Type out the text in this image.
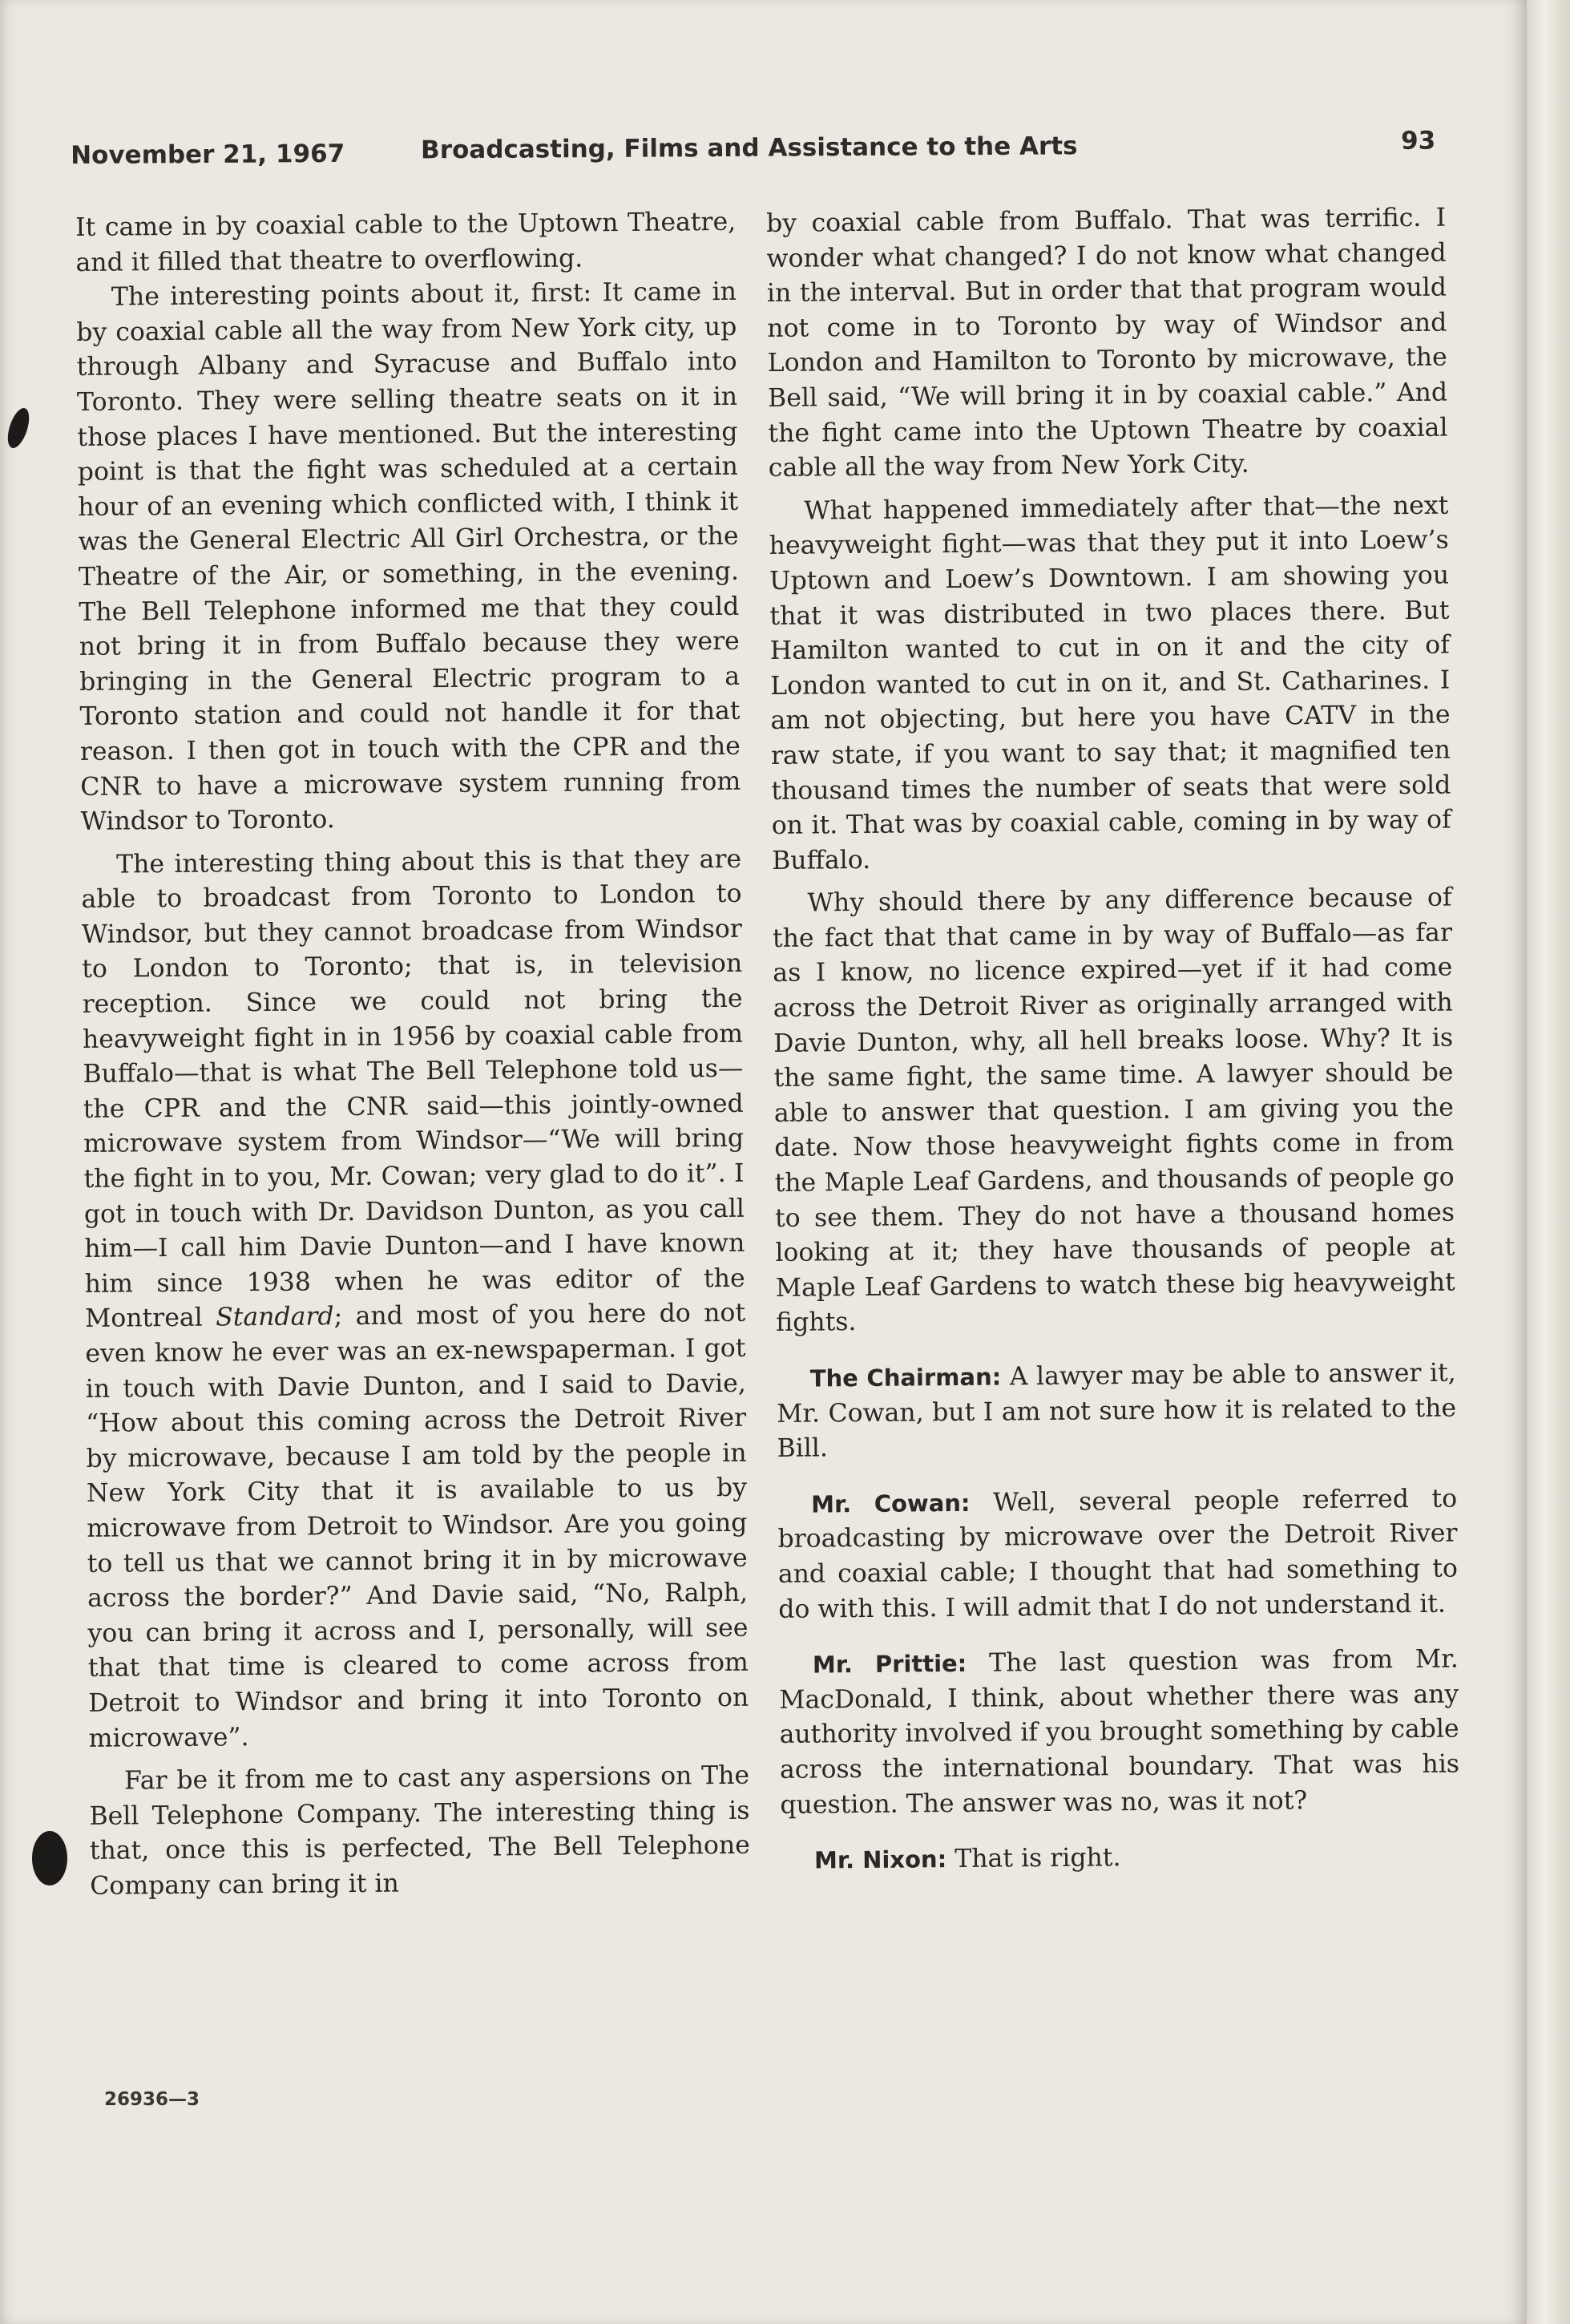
November 21, 1967	Broadcasting, Films and Assistance to the Arts	93

It came in by coaxial cable to the Uptown Theatre, and it filled that theatre to overflowing.

The interesting points about it, first: It came in by coaxial cable all the way from New York city, up through Albany and Syracuse and Buffalo into Toronto. They were selling theatre seats on it in those places I have mentioned. But the interesting point is that the fight was scheduled at a certain hour of an evening which conflicted with, I think it was the General Electric All Girl Orchestra, or the Theatre of the Air, or something, in the evening. The Bell Telephone informed me that they could not bring it in from Buffalo because they were bringing in the General Electric program to a Toronto station and could not handle it for that reason. I then got in touch with the CPR and the CNR to have a microwave system running from Windsor to Toronto.

The interesting thing about this is that they are able to broadcast from Toronto to London to Windsor, but they cannot broadcase from Windsor to London to Toronto; that is, in television reception. Since we could not bring the heavyweight fight in in 1956 by coaxial cable from Buffalo—that is what The Bell Telephone told us—the CPR and the CNR said—this jointly-owned microwave system from Windsor—“We will bring the fight in to you, Mr. Cowan; very glad to do it”. I got in touch with Dr. Davidson Dunton, as you call him—I call him Davie Dunton—and I have known him since 1938 when he was editor of the Montreal Standard; and most of you here do not even know he ever was an ex-newspaperman. I got in touch with Davie Dunton, and I said to Davie, “How about this coming across the Detroit River by microwave, because I am told by the people in New York City that it is available to us by microwave from Detroit to Windsor. Are you going to tell us that we cannot bring it in by microwave across the border?” And Davie said, “No, Ralph, you can bring it across and I, personally, will see that that time is cleared to come across from Detroit to Windsor and bring it into Toronto on microwave”.

Far be it from me to cast any aspersions on The Bell Telephone Company. The interesting thing is that, once this is perfected, The Bell Telephone Company can bring it in

by coaxial cable from Buffalo. That was terrific. I wonder what changed? I do not know what changed in the interval. But in order that that program would not come in to Toronto by way of Windsor and London and Hamilton to Toronto by microwave, the Bell said, “We will bring it in by coaxial cable.” And the fight came into the Uptown Theatre by coaxial cable all the way from New York City.

What happened immediately after that—the next heavyweight fight—was that they put it into Loew’s Uptown and Loew’s Downtown. I am showing you that it was distributed in two places there. But Hamilton wanted to cut in on it and the city of London wanted to cut in on it, and St. Catharines. I am not objecting, but here you have CATV in the raw state, if you want to say that; it magnified ten thousand times the number of seats that were sold on it. That was by coaxial cable, coming in by way of Buffalo.

Why should there by any difference because of the fact that that came in by way of Buffalo—as far as I know, no licence expired—yet if it had come across the Detroit River as originally arranged with Davie Dunton, why, all hell breaks loose. Why? It is the same fight, the same time. A lawyer should be able to answer that question. I am giving you the date. Now those heavyweight fights come in from the Maple Leaf Gardens, and thousands of people go to see them. They do not have a thousand homes looking at it; they have thousands of people at Maple Leaf Gardens to watch these big heavyweight fights.

The Chairman: A lawyer may be able to answer it, Mr. Cowan, but I am not sure how it is related to the Bill.

Mr. Cowan: Well, several people referred to broadcasting by microwave over the Detroit River and coaxial cable; I thought that had something to do with this. I will admit that I do not understand it.

Mr. Prittie: The last question was from Mr. MacDonald, I think, about whether there was any authority involved if you brought something by cable across the international boundary. That was his question. The answer was no, was it not?

Mr. Nixon: That is right.

26936—3
